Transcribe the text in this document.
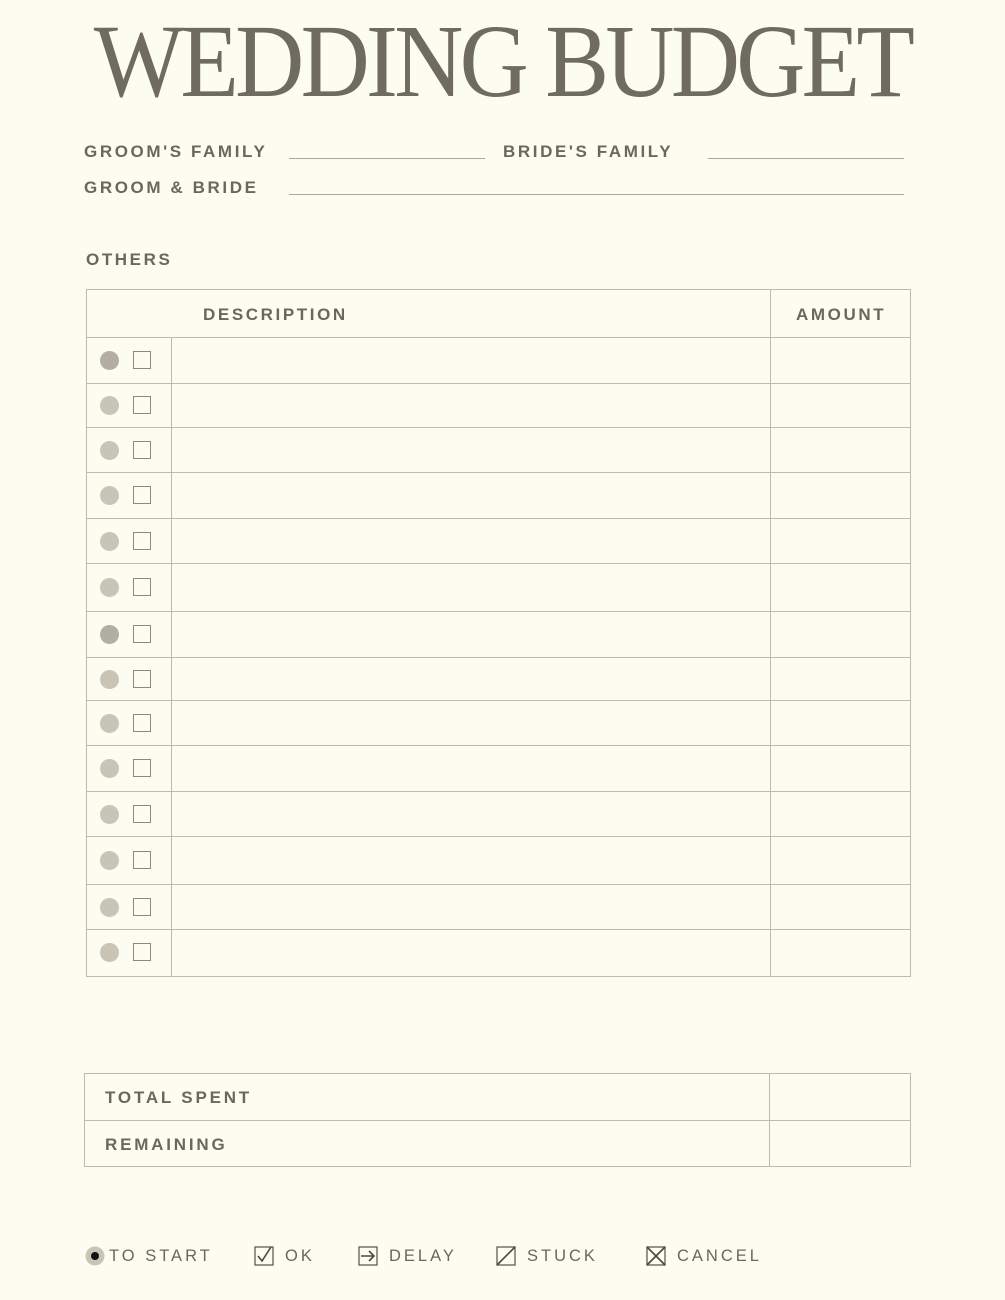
WEDDING BUDGET
GROOM'S FAMILY	BRIDE'S FAMILY
GROOM & BRIDE
OTHERS
DESCRIPTION	AMOUNT
TOTAL SPENT
REMAINING
TO START	OK	DELAY	STUCK	CANCEL
